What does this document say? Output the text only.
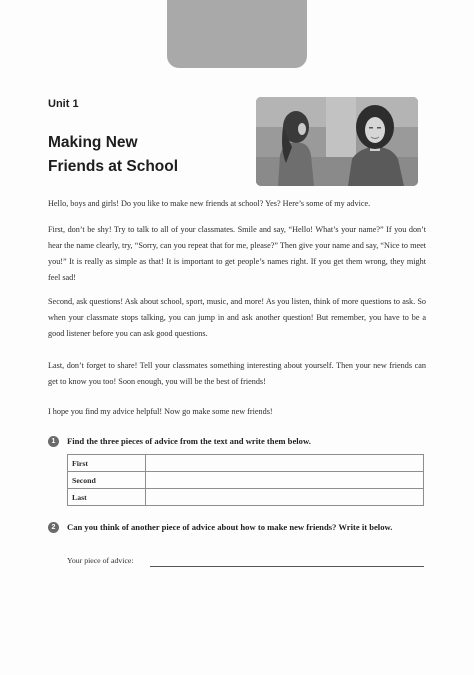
Unit 1
Making New
Friends at School

Hello, boys and girls! Do you like to make new friends at school? Yes? Here’s some of my advice.

First, don’t be shy! Try to talk to all of your classmates. Smile and say, “Hello! What’s your name?” If you don’t hear the name clearly, try, “Sorry, can you repeat that for me, please?” Then give your name and say, “Nice to meet you!” It is really as simple as that! It is important to get people’s names right. If you get them wrong, they might feel sad!

Second, ask questions! Ask about school, sport, music, and more! As you listen, think of more questions to ask. So when your classmate stops talking, you can jump in and ask another question! But remember, you have to be a good listener before you can ask good questions.

Last, don’t forget to share! Tell your classmates something interesting about yourself. Then your new friends can get to know you too! Soon enough, you will be the best of friends!

I hope you find my advice helpful! Now go make some new friends!

1	Find the three pieces of advice from the text and write them below.
First	
Second	
Last	
2	Can you think of another piece of advice about how to make new friends? Write it below.
Your piece of advice:
